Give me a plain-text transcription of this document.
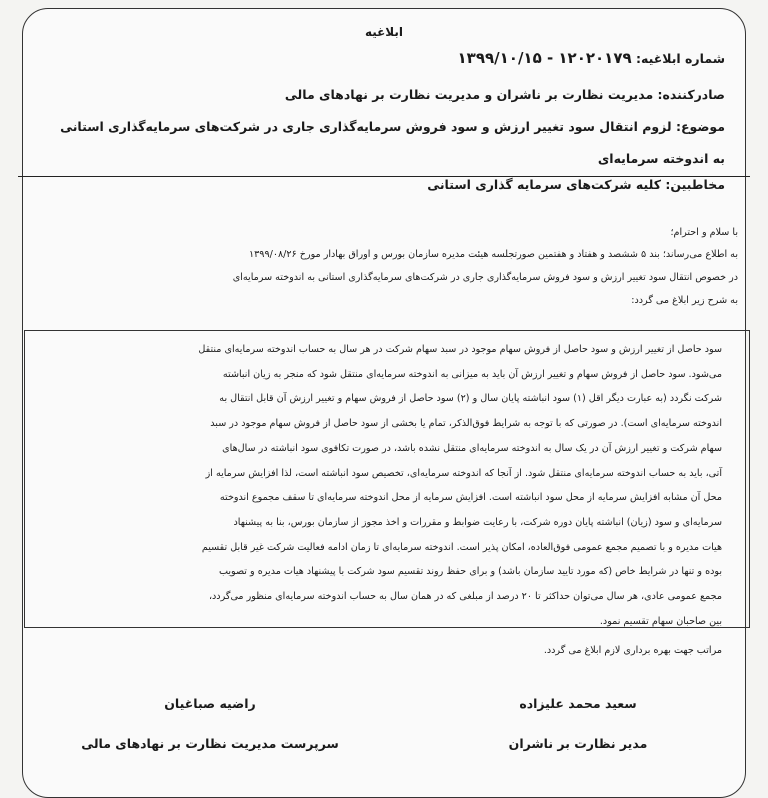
ابلاغیه
شماره ابلاغیه: ۱۲۰۲۰۱۷۹ - ۱۳۹۹/۱۰/۱۵
صادرکننده: مدیریت نظارت بر ناشران و مدیریت نظارت بر نهادهای مالی
موضوع: لزوم انتقال سود تغییر ارزش و سود فروش سرمایه‌گذاری جاری در شرکت‌های سرمایه‌گذاری استانی به اندوخته سرمایه‌ای
مخاطبین: کلیه شرکت‌های سرمایه گذاری استانی
با سلام و احترام؛
به اطلاع می‌رساند؛ بند ۵ ششصد و هفتاد و هفتمین صورتجلسه هیئت مدیره سازمان بورس و اوراق بهادار مورخ ۱۳۹۹/۰۸/۲۶
در خصوص انتقال سود تغییر ارزش و سود فروش سرمایه‌گذاری جاری در شرکت‌های سرمایه‌گذاری استانی به اندوخته سرمایه‌ای
به شرح زیر ابلاغ می گردد:
سود حاصل از تغییر ارزش و سود حاصل از فروش سهام موجود در سبد سهام شرکت در هر سال به حساب اندوخته سرمایه‌ای منتقل
می‌شود. سود حاصل از فروش سهام و تغییر ارزش آن باید به میزانی به اندوخته سرمایه‌ای منتقل شود که منجر به زیان انباشته
شرکت نگردد (به عبارت دیگر اقل (۱) سود انباشته پایان سال و (۲) سود حاصل از فروش سهام و تغییر ارزش آن قابل انتقال به
اندوخته سرمایه‌ای است). در صورتی که با توجه به شرایط فوق‌الذکر، تمام یا بخشی از سود حاصل از فروش سهام موجود در سبد
سهام شرکت و تغییر ارزش آن در یک سال به اندوخته سرمایه‌ای منتقل نشده باشد، در صورت تکافوی سود انباشته در سال‌های
آتی، باید به حساب اندوخته سرمایه‌ای منتقل شود. از آنجا که اندوخته سرمایه‌ای، تخصیص سود انباشته است، لذا افزایش سرمایه از
محل آن مشابه افزایش سرمایه از محل سود انباشته است. افزایش سرمایه از محل اندوخته سرمایه‌ای تا سقف مجموع اندوخته
سرمایه‌ای و سود (زیان) انباشته پایان دوره شرکت، با رعایت ضوابط و مقررات و اخذ مجوز از سازمان بورس، بنا به پیشنهاد
هیات مدیره و با تصمیم مجمع عمومی فوق‌العاده، امکان پذیر است. اندوخته سرمایه‌ای تا زمان ادامه فعالیت شرکت غیر قابل تقسیم
بوده و تنها در شرایط خاص (که مورد تایید سازمان باشد) و برای حفظ روند تقسیم سود شرکت با پیشنهاد هیات مدیره و تصویب
مجمع عمومی عادی، هر سال می‌توان حداکثر تا ۲۰ درصد از مبلغی که در همان سال به حساب اندوخته سرمایه‌ای منظور می‌گردد،
بین صاحبان سهام تقسیم نمود.
مراتب جهت بهره برداری لازم ابلاغ می گردد.
سعید محمد علیزاده
مدیر نظارت بر ناشران
راضیه صباغیان
سرپرست مدیریت نظارت بر نهادهای مالی
